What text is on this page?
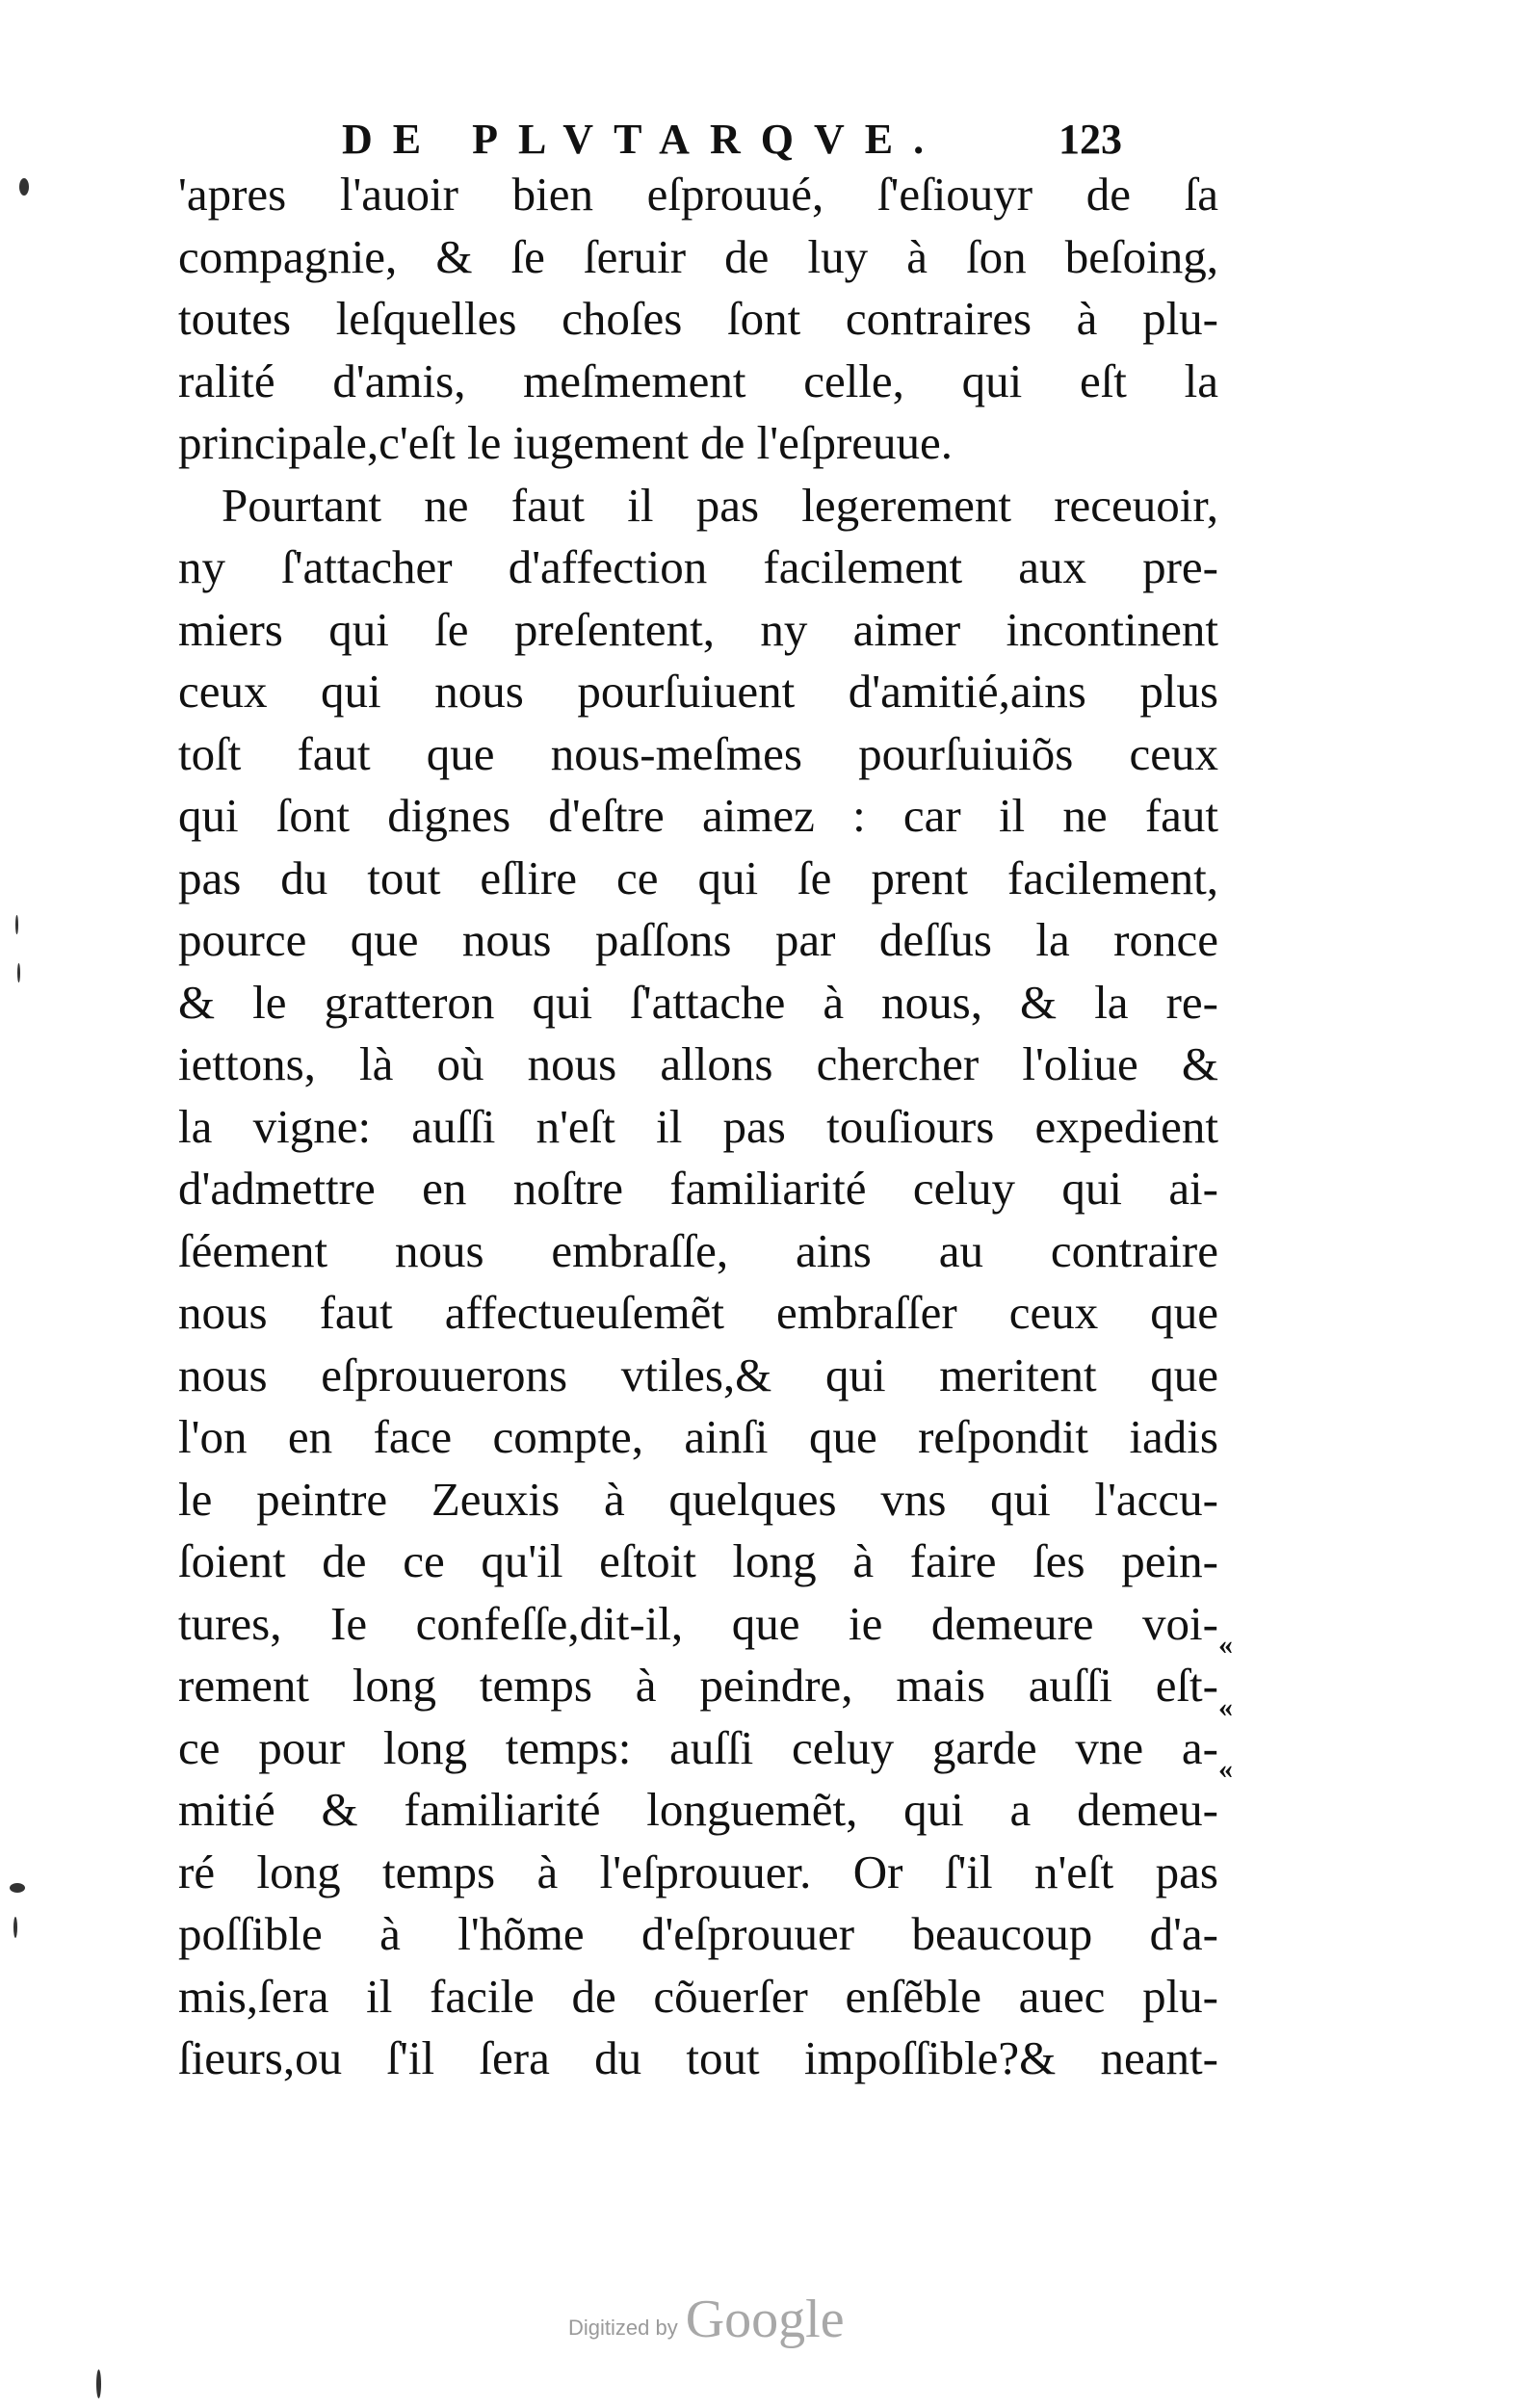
DE PLVTARQVE.	123
'apres l'auoir bien eſprouué, ſ'eſiouyr de ſa
compagnie, & ſe ſeruir de luy à ſon beſoing,
toutes leſquelles choſes ſont contraires à plu-
ralité d'amis, meſmement celle, qui eſt la
principale,c'eſt le iugement de l'eſpreuue.
Pourtant ne faut il pas legerement receuoir,
ny ſ'attacher d'affection facilement aux pre-
miers qui ſe preſentent, ny aimer incontinent
ceux qui nous pourſuiuent d'amitié,ains plus
toſt faut que nous-meſmes pourſuiuiõs ceux
qui ſont dignes d'eſtre aimez : car il ne faut
pas du tout eſlire ce qui ſe prent facilement,
pource que nous paſſons par deſſus la ronce
& le gratteron qui ſ'attache à nous, & la re-
iettons, là où nous allons chercher l'oliue &
la vigne: auſſi n'eſt il pas touſiours expedient
d'admettre en noſtre familiarité celuy qui ai-
ſéement nous embraſſe, ains au contraire
nous faut affectueuſemẽt embraſſer ceux que
nous eſprouuerons vtiles,& qui meritent que
l'on en face compte, ainſi que reſpondit iadis
le peintre Zeuxis à quelques vns qui l'accu-
ſoient de ce qu'il eſtoit long à faire ſes pein-
tures, Ie confeſſe,dit-il, que ie demeure voi-
rement long temps à peindre, mais auſſi eſt-
ce pour long temps: auſſi celuy garde vne a-
mitié & familiarité longuemẽt, qui a demeu-
ré long temps à l'eſprouuer. Or ſ'il n'eſt pas
poſſible à l'hõme d'eſprouuer beaucoup d'a-
mis,ſera il facile de cõuerſer enſẽble auec plu-
ſieurs,ou ſ'il ſera du tout impoſſible?& neant-
«
«
«
Digitized by Google
